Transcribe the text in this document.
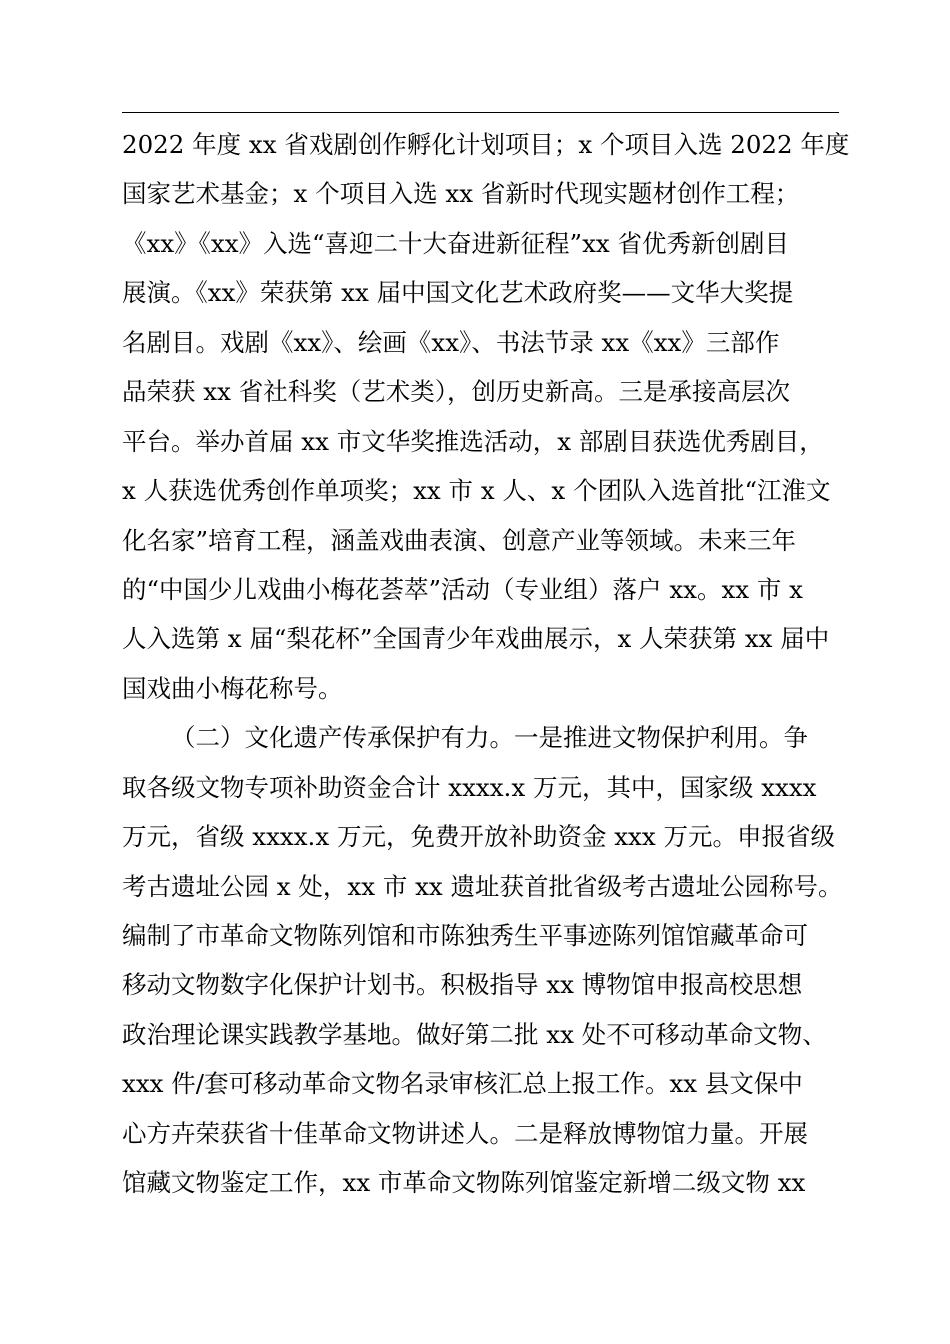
2022 年度 xx 省戏剧创作孵化计划项目；x 个项目入选 2022 年度
国家艺术基金；x 个项目入选 xx 省新时代现实题材创作工程；
《xx》《xx》入选“喜迎二十大奋进新征程”xx 省优秀新创剧目
展演。《xx》荣获第 xx 届中国文化艺术政府奖——文华大奖提
名剧目。戏剧《xx》、绘画《xx》、书法节录 xx《xx》三部作
品荣获 xx 省社科奖（艺术类），创历史新高。三是承接高层次
平台。举办首届 xx 市文华奖推选活动，x 部剧目获选优秀剧目，
x 人获选优秀创作单项奖；xx 市 x 人、x 个团队入选首批“江淮文
化名家”培育工程，涵盖戏曲表演、创意产业等领域。未来三年
的“中国少儿戏曲小梅花荟萃”活动（专业组）落户 xx。xx 市 x
人入选第 x 届“梨花杯”全国青少年戏曲展示，x 人荣获第 xx 届中
国戏曲小梅花称号。
（二）文化遗产传承保护有力。一是推进文物保护利用。争
取各级文物专项补助资金合计 xxxx.x 万元，其中，国家级 xxxx
万元，省级 xxxx.x 万元，免费开放补助资金 xxx 万元。申报省级
考古遗址公园 x 处，xx 市 xx 遗址获首批省级考古遗址公园称号。
编制了市革命文物陈列馆和市陈独秀生平事迹陈列馆馆藏革命可
移动文物数字化保护计划书。积极指导 xx 博物馆申报高校思想
政治理论课实践教学基地。做好第二批 xx 处不可移动革命文物、
xxx 件/套可移动革命文物名录审核汇总上报工作。xx 县文保中
心方卉荣获省十佳革命文物讲述人。二是释放博物馆力量。开展
馆藏文物鉴定工作，xx 市革命文物陈列馆鉴定新增二级文物 xx
